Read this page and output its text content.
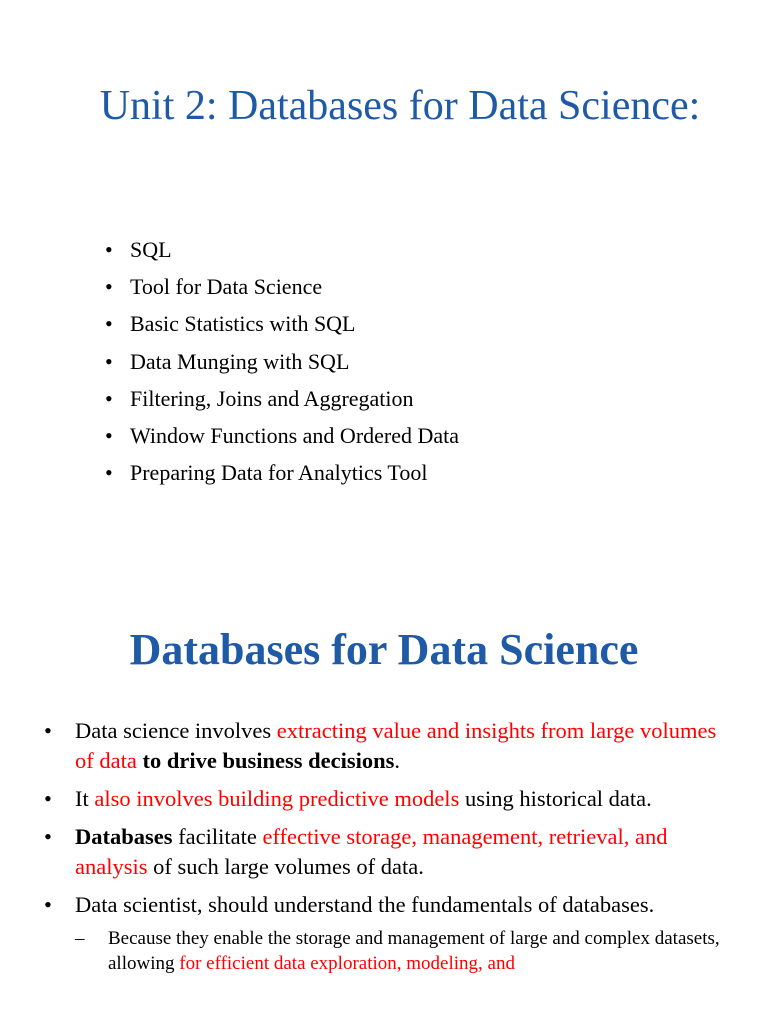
Unit 2: Databases for Data Science:
• SQL
• Tool for Data Science
• Basic Statistics with SQL
• Data Munging with SQL
• Filtering, Joins and Aggregation
• Window Functions and Ordered Data
• Preparing Data for Analytics Tool
Databases for Data Science
• Data science involves extracting value and insights from large volumes of data to drive business decisions.
• It also involves building predictive models using historical data.
• Databases facilitate effective storage, management, retrieval, and analysis of such large volumes of data.
• Data scientist, should understand the fundamentals of databases.
– Because they enable the storage and management of large and complex datasets, allowing for efficient data exploration, modeling, and
